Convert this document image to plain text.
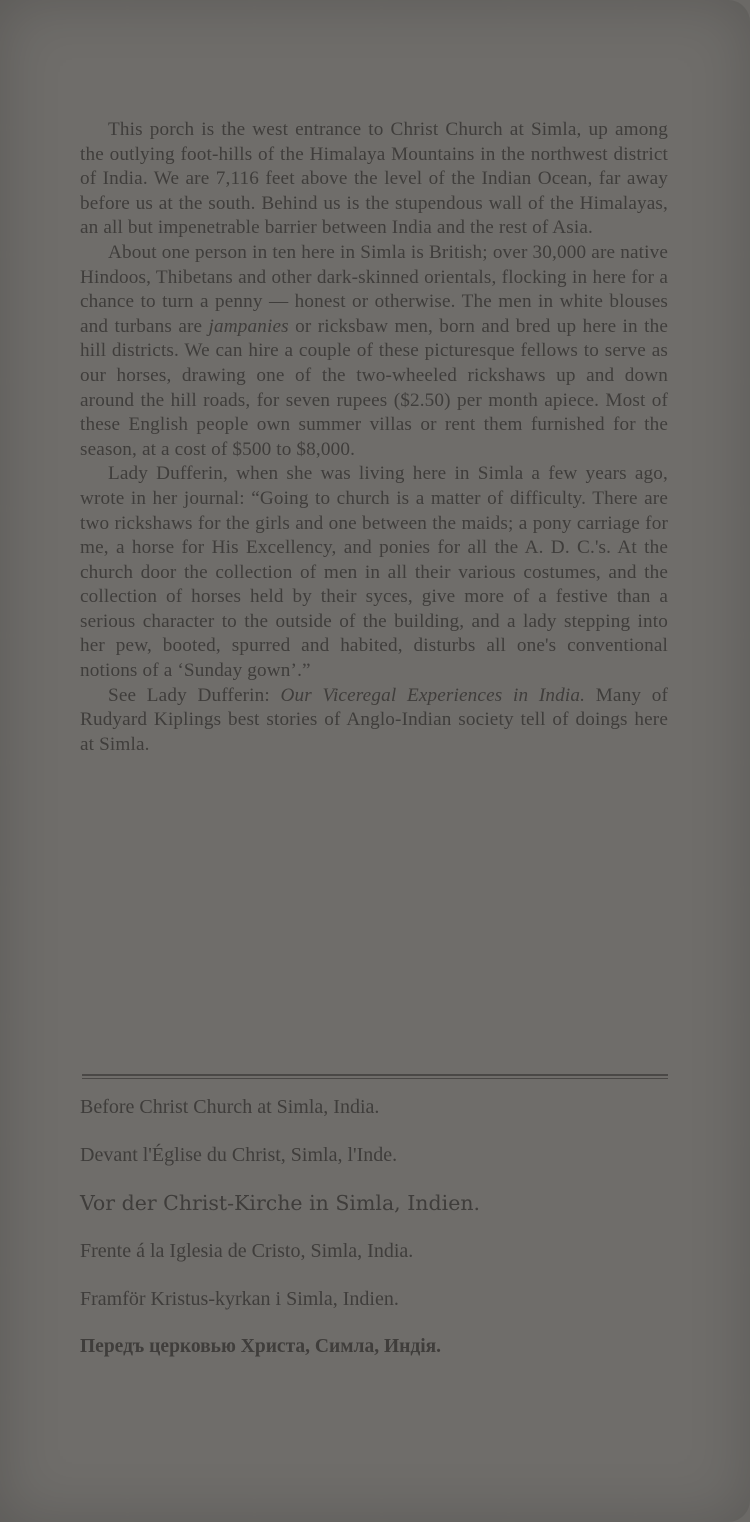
This porch is the west entrance to Christ Church at Simla, up among the outlying foot-hills of the Himalaya Mountains in the northwest district of India. We are 7,116 feet above the level of the Indian Ocean, far away before us at the south. Behind us is the stupendous wall of the Himalayas, an all but impenetrable barrier between India and the rest of Asia.

About one person in ten here in Simla is British; over 30,000 are native Hindoos, Thibetans and other dark-skinned orientals, flocking in here for a chance to turn a penny — honest or otherwise. The men in white blouses and turbans are jampanies or ricksbaw men, born and bred up here in the hill districts. We can hire a couple of these picturesque fellows to serve as our horses, drawing one of the two-wheeled rickshaws up and down around the hill roads, for seven rupees ($2.50) per month apiece. Most of these English people own summer villas or rent them furnished for the season, at a cost of $500 to $8,000.

Lady Dufferin, when she was living here in Simla a few years ago, wrote in her journal: “Going to church is a matter of difficulty. There are two rickshaws for the girls and one between the maids; a pony carriage for me, a horse for His Excellency, and ponies for all the A. D. C.'s. At the church door the collection of men in all their various costumes, and the collection of horses held by their syces, give more of a festive than a serious character to the outside of the building, and a lady stepping into her pew, booted, spurred and habited, disturbs all one's conventional notions of a ‘Sunday gown’.”

See Lady Dufferin: Our Viceregal Experiences in India. Many of Rudyard Kiplings best stories of Anglo-Indian society tell of doings here at Simla.

Before Christ Church at Simla, India.

Devant l'Église du Christ, Simla, l'Inde.

Vor der Christ-Kirche in Simla, Indien.

Frente á la Iglesia de Cristo, Simla, India.

Framför Kristus-kyrkan i Simla, Indien.

Передъ церковью Христа, Симла, Индія.
